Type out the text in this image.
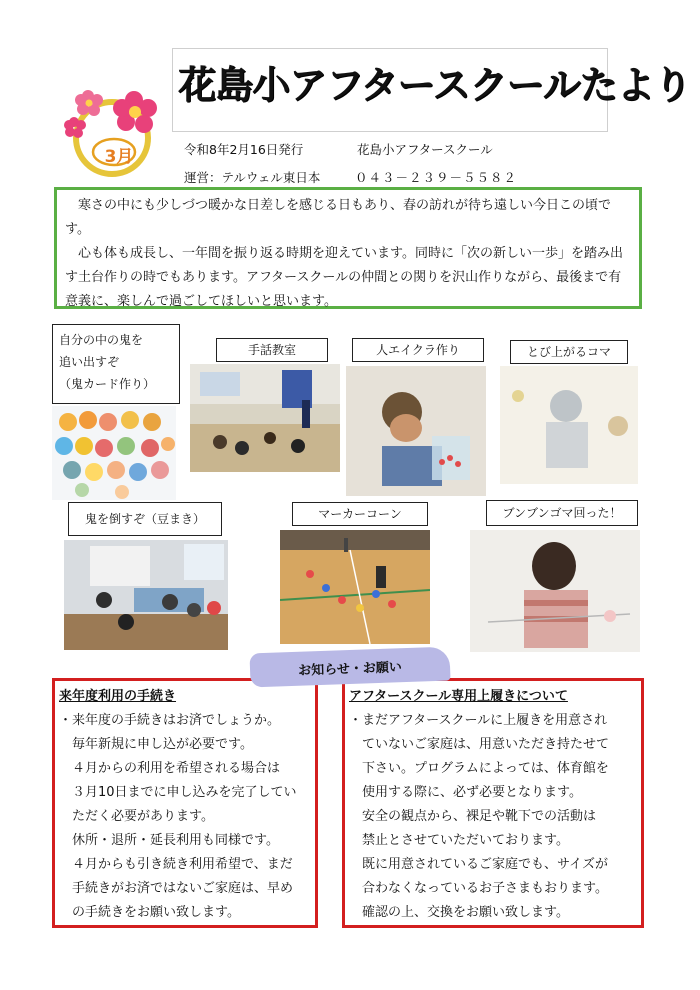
花島小アフタースクールたより
3月	令和8年2月16日発行	花島小アフタースクール
運営：テルウェル東日本	０４３－２３９－５５８２

寒さの中にも少しづつ暖かな日差しを感じる日もあり、春の訪れが待ち遠しい今日この頃です。

心も体も成長し、一年間を振り返る時期を迎えています。同時に「次の新しい一歩」を踏み出す土台作りの時でもあります。アフタースクールの仲間との関りを沢山作りながら、最後まで有意義に、楽しんで過ごしてほしいと思います。

自分の中の鬼を
追い出すぞ
（鬼カード作り）
手話教室	人エイクラ作り	とび上がるコマ
鬼を倒すぞ（豆まき）	マーカーコーン	ブンブンゴマ回った！
来年度利用の手続き
・来年度の手続きはお済でしょうか。
毎年新規に申し込が必要です。
４月からの利用を希望される場合は
３月10日までに申し込みを完了してい
ただく必要があります。
休所・退所・延長利用も同様です。
４月からも引き続き利用希望で、まだ
手続きがお済ではないご家庭は、早め
の手続きをお願い致します。
アフタースクール専用上履きについて
・まだアフタースクールに上履きを用意され
ていないご家庭は、用意いただき持たせて
下さい。プログラムによっては、体育館を
使用する際に、必ず必要となります。
安全の観点から、裸足や靴下での活動は
禁止とさせていただいております。
既に用意されているご家庭でも、サイズが
合わなくなっているお子さまもおります。
確認の上、交換をお願い致します。
お知らせ・お願い
